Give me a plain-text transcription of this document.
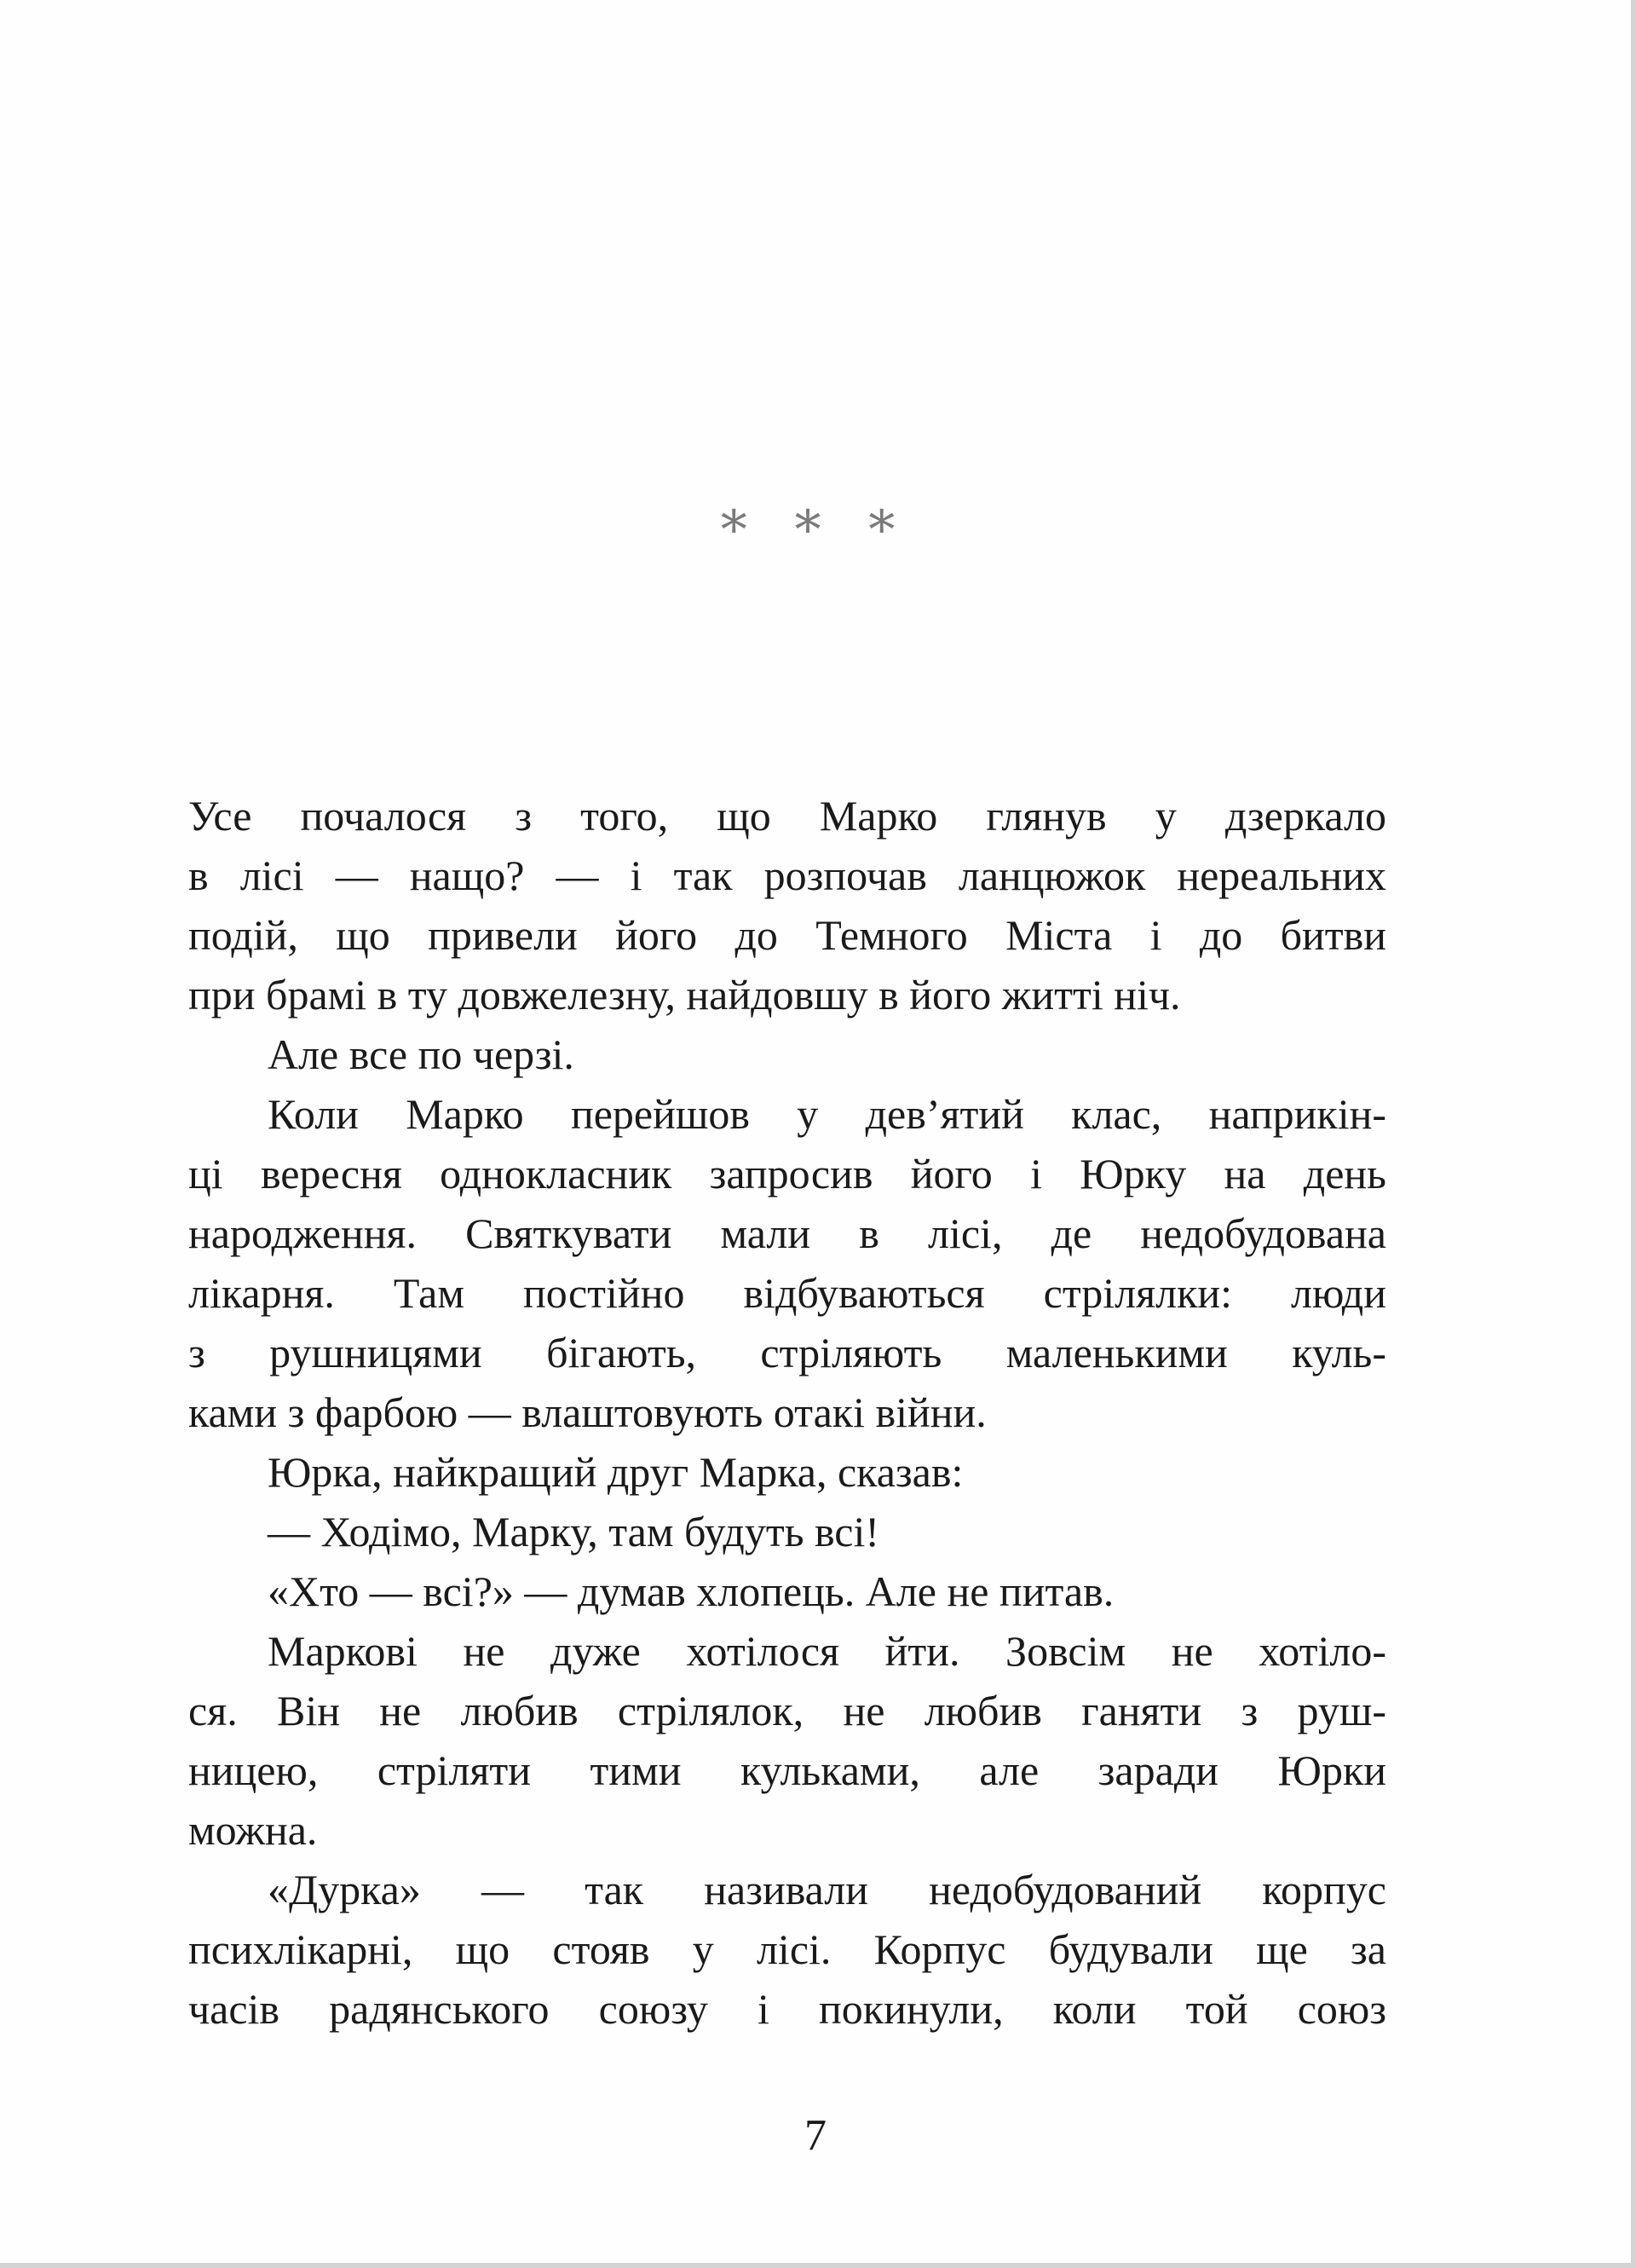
* * *
Усе почалося з того, що Марко глянув у дзеркало
в лісі — нащо? — і так розпочав ланцюжок нереальних
подій, що привели його до Темного Міста і до битви
при брамі в ту довжелезну, найдовшу в його житті ніч.
Але все по черзі.
Коли Марко перейшов у дев’ятий клас, наприкін-
ці вересня однокласник запросив його і Юрку на день
народження. Святкувати мали в лісі, де недобудована
лікарня. Там постійно відбуваються стрілялки: люди
з рушницями бігають, стріляють маленькими куль-
ками з фарбою — влаштовують отакі війни.
Юрка, найкращий друг Марка, сказав:
— Ходімо, Марку, там будуть всі!
«Хто — всі?» — думав хлопець. Але не питав.
Маркові не дуже хотілося йти. Зовсім не хотіло-
ся. Він не любив стрілялок, не любив ганяти з руш-
ницею, стріляти тими кульками, але заради Юрки
можна.
«Дурка» — так називали недобудований корпус
психлікарні, що стояв у лісі. Корпус будували ще за
часів радянського союзу і покинули, коли той союз
7
